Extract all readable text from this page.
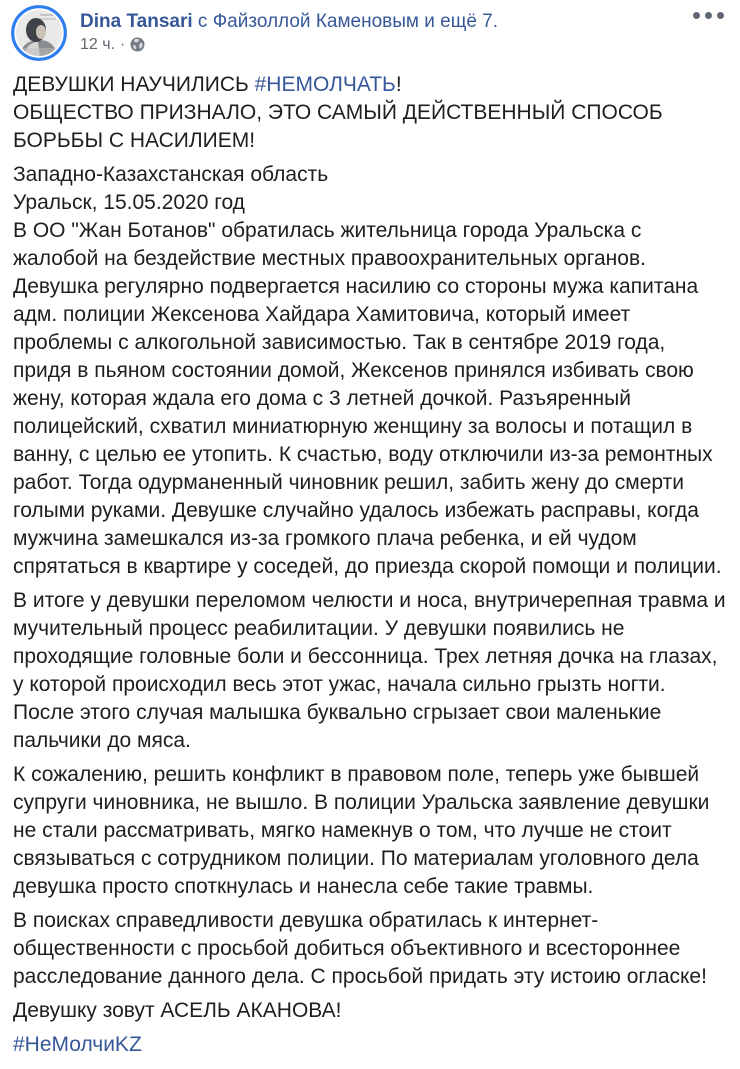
Dina Tansari с Файзоллой Каменовым и ещё 7.
12 ч. ·

ДЕВУШКИ НАУЧИЛИСЬ #НЕМОЛЧАТЬ!
ОБЩЕСТВО ПРИЗНАЛО, ЭТО САМЫЙ ДЕЙСТВЕННЫЙ СПОСОБ БОРЬБЫ С НАСИЛИЕМ!

Западно-Казахстанская область
Уральск, 15.05.2020 год
В ОО "Жан Ботанов" обратилась жительница города Уральска с жалобой на бездействие местных правоохранительных органов. Девушка регулярно подвергается насилию со стороны мужа капитана адм. полиции Жексенова Хайдара Хамитовича, который имеет проблемы с алкогольной зависимостью. Так в сентябре 2019 года, придя в пьяном состоянии домой, Жексенов принялся избивать свою жену, которая ждала его дома с 3 летней дочкой. Разъяренный полицейский, схватил миниатюрную женщину за волосы и потащил в ванну, с целью ее утопить. К счастью, воду отключили из-за ремонтных работ. Тогда одурманенный чиновник решил, забить жену до смерти голыми руками. Девушке случайно удалось избежать расправы, когда мужчина замешкался из-за громкого плача ребенка, и ей чудом спрятаться в квартире у соседей, до приезда скорой помощи и полиции.

В итоге у девушки переломом челюсти и носа, внутричерепная травма и мучительный процесс реабилитации. У девушки появились не проходящие головные боли и бессонница. Трех летняя дочка на глазах, у которой происходил весь этот ужас, начала сильно грызть ногти. После этого случая малышка буквально сгрызает свои маленькие пальчики до мяса.

К сожалению, решить конфликт в правовом поле, теперь уже бывшей супруги чиновника, не вышло. В полиции Уральска заявление девушки не стали рассматривать, мягко намекнув о том, что лучше не стоит связываться с сотрудником полиции. По материалам уголовного дела девушка просто споткнулась и нанесла себе такие травмы.

В поисках справедливости девушка обратилась к интернет-общественности с просьбой добиться объективного и всестороннее расследование данного дела. С просьбой придать эту истоию огласке!

Девушку зовут АСЕЛЬ АКАНОВА!

#НеМолчиKZ
